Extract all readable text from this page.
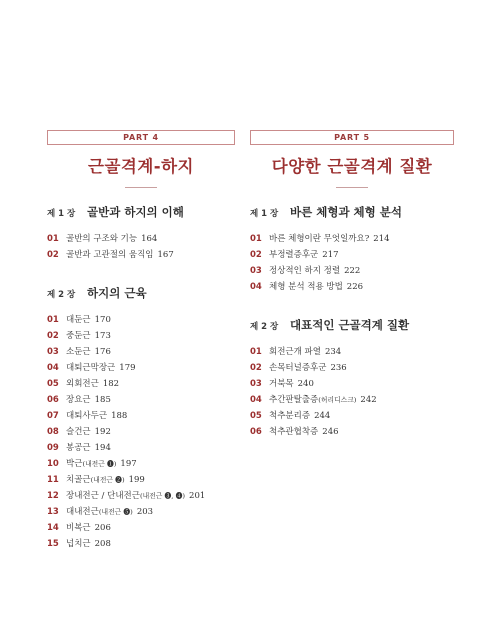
PART 4
근골격계-하지
제 1 장	골반과 하지의 이해
01 골반의 구조와 기능 164
02 골반과 고관절의 움직임 167
제 2 장	하지의 근육
01 대둔근 170
02 중둔근 173
03 소둔근 176
04 대퇴근막장근 179
05 외회전근 182
06 장요근 185
07 대퇴사두근 188
08 슬건근 192
09 봉공근 194
10 박근(내전근 ❶) 197
11 치골근(내전근 ❷) 199
12 장내전근 / 단내전근(내전근 ❸, ❹) 201
13 대내전근(내전근 ❺) 203
14 비복근 206
15 넙치근 208
PART 5
다양한 근골격계 질환
제 1 장	바른 체형과 체형 분석
01 바른 체형이란 무엇일까요? 214
02 부정렬증후군 217
03 정상적인 하지 정렬 222
04 체형 분석 적용 방법 226
제 2 장	대표적인 근골격계 질환
01 회전근개 파열 234
02 손목터널증후군 236
03 거북목 240
04 추간판탈출증(허리디스크) 242
05 척추분리증 244
06 척추관협착증 246
